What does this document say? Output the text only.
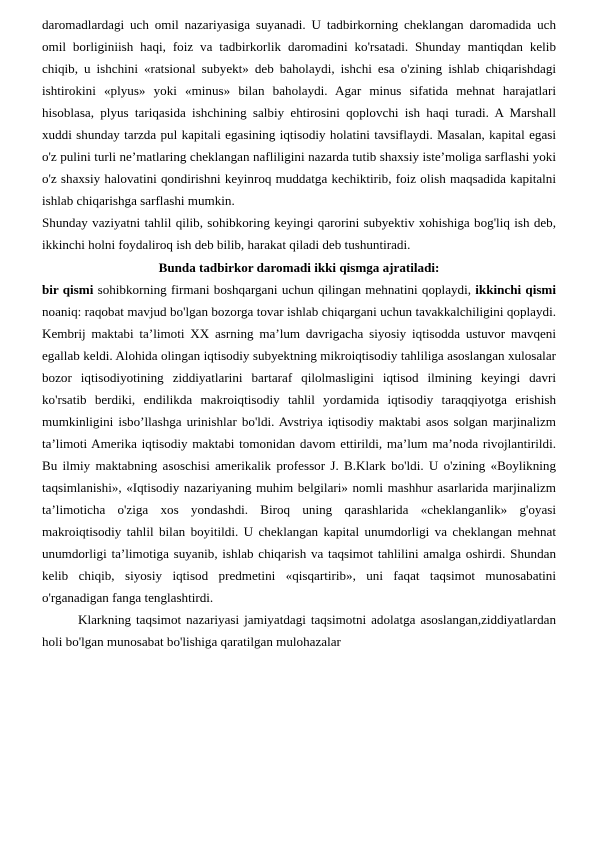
daromadlardagi uch omil nazariyasiga suyanadi. U tadbirkorning cheklangan daromadida uch omil borliginiish haqi, foiz va tadbirkorlik daromadini ko'rsatadi. Shunday mantiqdan kelib chiqib, u ishchini «ratsional subyekt» deb baholaydi, ishchi esa o'zining ishlab chiqarishdagi ishtirokini «plyus» yoki «minus» bilan baholaydi. Agar minus sifatida mehnat harajatlari hisoblasa, plyus tariqasida ishchining salbiy ehtirosini qoplovchi ish haqi turadi. A Marshall xuddi shunday tarzda pul kapitali egasining iqtisodiy holatini tavsiflaydi. Masalan, kapital egasi o'z pulini turli ne’matlaring cheklangan nafliligini nazarda tutib shaxsiy iste’moliga sarflashi yoki o'z shaxsiy halovatini qondirishni keyinroq muddatga kechiktirib, foiz olish maqsadida kapitalni ishlab chiqarishga sarflashi mumkin.

Shunday vaziyatni tahlil qilib, sohibkoring keyingi qarorini subyektiv xohishiga bog'liq ish deb, ikkinchi holni foydaliroq ish deb bilib, harakat qiladi deb tushuntiradi.

Bunda tadbirkor daromadi ikki qismga ajratiladi:

bir qismi sohibkorning firmani boshqargani uchun qilingan mehnatini qoplaydi, ikkinchi qismi noaniq: raqobat mavjud bo'lgan bozorga tovar ishlab chiqargani uchun tavakkalchiligini qoplaydi. Kembrij maktabi ta’limoti XX asrning ma’lum davrigacha siyosiy iqtisodda ustuvor mavqeni egallab keldi. Alohida olingan iqtisodiy subyektning mikroiqtisodiy tahliliga asoslangan xulosalar bozor iqtisodiyotining ziddiyatlarini bartaraf qilolmasligini iqtisod ilmining keyingi davri ko'rsatib berdiki, endilikda makroiqtisodiy tahlil yordamida iqtisodiy taraqqiyotga erishish mumkinligini isbo’llashga urinishlar bo'ldi. Avstriya iqtisodiy maktabi asos solgan marjinalizm ta’limoti Amerika iqtisodiy maktabi tomonidan davom ettirildi, ma’lum ma’noda rivojlantirildi. Bu ilmiy maktabning asoschisi amerikalik professor J. B.Klark bo'ldi. U o'zining «Boylikning taqsimlanishi», «Iqtisodiy nazariyaning muhim belgilari» nomli mashhur asarlarida marjinalizm ta’limoticha o'ziga xos yondashdi. Biroq uning qarashlarida «cheklanganlik» g'oyasi makroiqtisodiy tahlil bilan boyitildi. U cheklangan kapital unumdorligi va cheklangan mehnat unumdorligi ta’limotiga suyanib, ishlab chiqarish va taqsimot tahlilini amalga oshirdi. Shundan kelib chiqib, siyosiy iqtisod predmetini «qisqartirib», uni faqat taqsimot munosabatini o'rganadigan fanga tenglashtirdi.

Klarkning taqsimot nazariyasi jamiyatdagi taqsimotni adolatga asoslangan,ziddiyatlardan holi bo'lgan munosabat bo'lishiga qaratilgan mulohazalar
